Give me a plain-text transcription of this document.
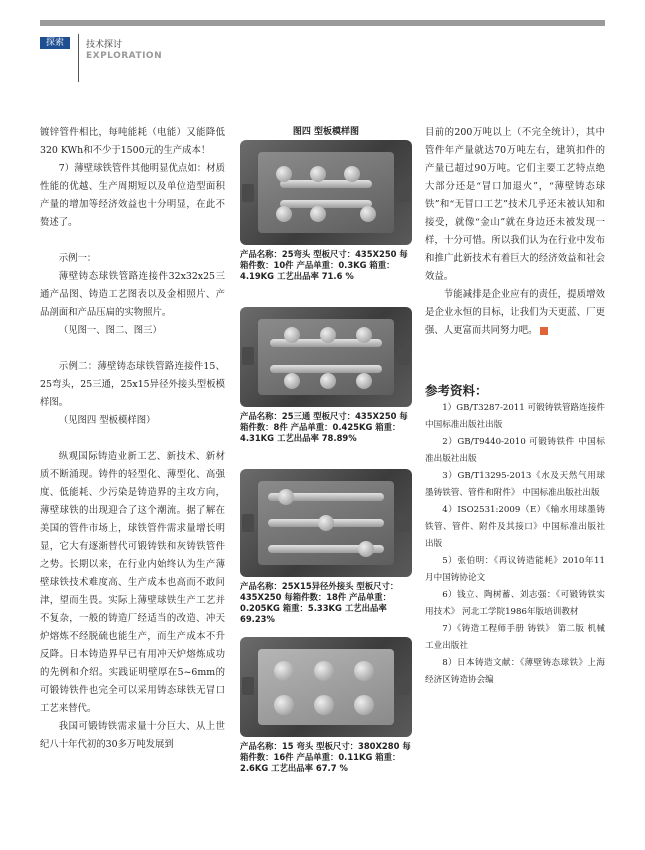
探索	技术探讨
EXPLORATION

镀锌管件相比，每吨能耗（电能）又能降低320 KWh和不少于1500元的生产成本！

7）薄壁球铁管件其他明显优点如：材质性能的优越、生产周期短以及单位造型面积产量的增加等经济效益也十分明显，在此不赘述了。

示例一：

薄壁铸态球铁管路连接件32x32x25三通产品图、铸造工艺图表以及金相照片、产品剖面和产品压扁的实物照片。

（见图一、图二、图三）

示例二：薄壁铸态球铁管路连接件15、25弯头，25三通，25x15异径外接头型板模样图。

（见图四 型板模样图）

纵观国际铸造业新工艺、新技术、新材质不断涌现。铸件的轻型化、薄型化、高强度、低能耗、少污染是铸造界的主攻方向，薄壁球铁的出现迎合了这个潮流。据了解在美国的管件市场上，球铁管件需求量增长明显，它大有逐渐替代可锻铸铁和灰铸铁管件之势。长期以来，在行业内始终认为生产薄壁球铁技术难度高、生产成本也高而不敢问津，望而生畏。实际上薄壁球铁生产工艺并不复杂，一般的铸造厂经适当的改造、冲天炉熔炼不经脱硫也能生产，而生产成本不升反降。日本铸造界早已有用冲天炉熔炼成功的先例和介绍。实践证明壁厚在5~6mm的可锻铸铁件也完全可以采用铸态球铁无冒口工艺来替代。

我国可锻铸铁需求量十分巨大、从上世纪八十年代初的30多万吨发展到

图四 型板模样图
产品名称：25弯头 型板尺寸：435X250 每箱件数：10件 产品单重：0.3KG 箱重：4.19KG 工艺出品率 71.6 %
产品名称：25三通 型板尺寸：435X250 每箱件数：8件 产品单重：0.425KG 箱重：4.31KG 工艺出品率 78.89%
产品名称：25X15异径外接头 型板尺寸：435X250 每箱件数：18件 产品单重：0.205KG 箱重：5.33KG 工艺出品率 69.23%
产品名称：15 弯头 型板尺寸：380X280 每箱件数：16件 产品单重：0.11KG 箱重：2.6KG 工艺出品率 67.7 %

目前的200万吨以上（不完全统计），其中管件年产量就达70万吨左右，建筑扣件的产量已超过90万吨。它们主要工艺特点绝大部分还是“冒口加退火”，“薄壁铸态球铁”和“无冒口工艺”技术几乎还未被认知和接受，就像“金山”就在身边还未被发现一样，十分可惜。所以我们认为在行业中发布和推广此新技术有着巨大的经济效益和社会效益。

节能减排是企业应有的责任，提质增效是企业永恒的目标，让我们为天更蓝、厂更强、人更富而共同努力吧。

参考资料：

1）GB/T3287-2011 可锻铸铁管路连接件 中国标准出版社出版

2）GB/T9440-2010 可锻铸铁件 中国标准出版社出版

3）GB/T13295-2013《水及天然气用球墨铸铁管、管件和附件》 中国标准出版社出版

4）ISO2531:2009（E）《输水用球墨铸铁管、管件、附件及其接口》中国标准出版社出版

5）张伯明：《再议铸造能耗》2010年11月中国铸协论文

6）钱立、陶树蓄、刘志强：《可锻铸铁实用技术》 河北工学院1986年版培训教材

7）《铸造工程师手册 铸铁》 第二版 机械工业出版社

8）日本铸造文献：《薄壁铸态球铁》上海经济区铸造协会编
